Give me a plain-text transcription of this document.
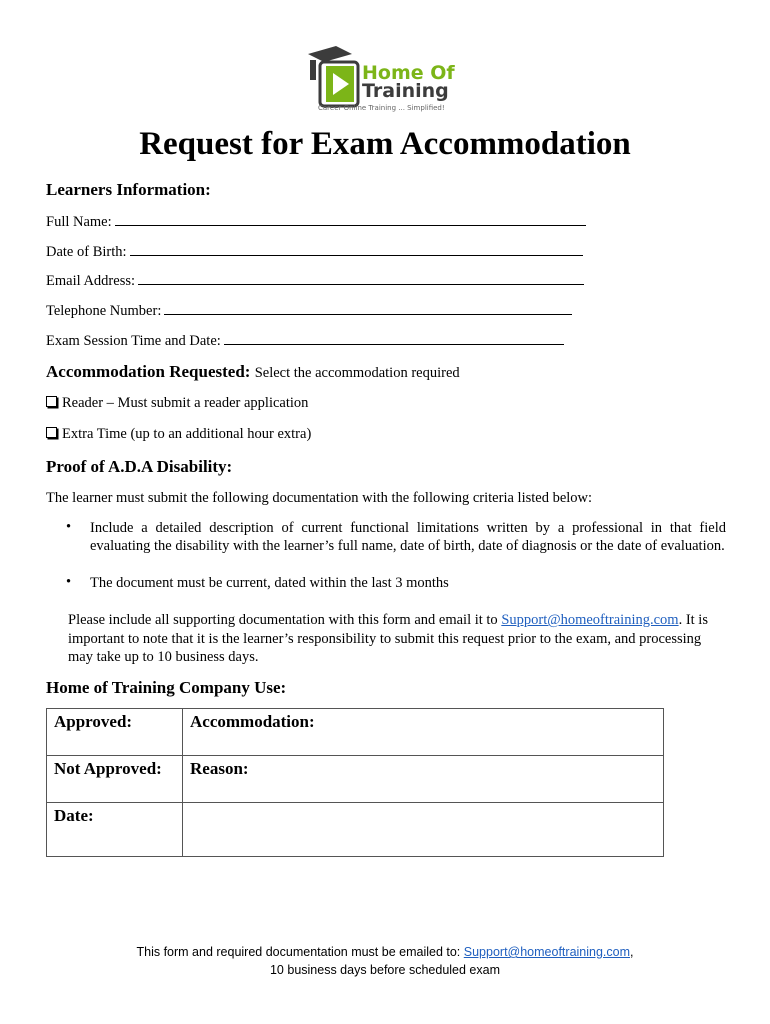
Home Of
Training
Career Online Training ... Simplified!
Request for Exam Accommodation
Learners Information:
Full Name:
Date of Birth:
Email Address:
Telephone Number:
Exam Session Time and Date:
Accommodation Requested: Select the accommodation required
Reader – Must submit a reader application
Extra Time (up to an additional hour extra)
Proof of A.D.A Disability:
The learner must submit the following documentation with the following criteria listed below:
• Include a detailed description of current functional limitations written by a professional in that field evaluating the disability with the learner’s full name, date of birth, date of diagnosis or the date of evaluation.
• The document must be current, dated within the last 3 months
Please include all supporting documentation with this form and email it to Support@homeoftraining.com. It is important to note that it is the learner’s responsibility to submit this request prior to the exam, and processing may take up to 10 business days.
Home of Training Company Use:
Approved:	Accommodation:
Not Approved:	Reason:
Date:	
This form and required documentation must be emailed to: Support@homeoftraining.com,
10 business days before scheduled exam
